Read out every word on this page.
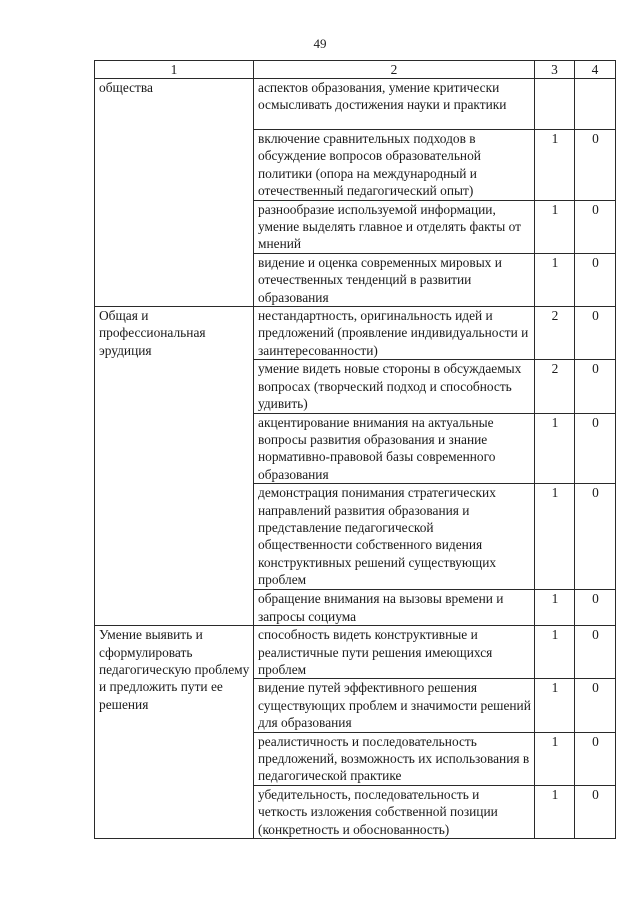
49
1	2	3	4
общества	аспектов образования, умение критически осмысливать достижения науки и практики		
	включение сравнительных подходов в обсуждение вопросов образовательной политики (опора на международный и отечественный педагогический опыт)	1	0
	разнообразие используемой информации, умение выделять главное и отделять факты от мнений	1	0
	видение и оценка современных мировых и отечественных тенденций в развитии образования	1	0
Общая и профессиональная эрудиция	нестандартность, оригинальность идей и предложений (проявление индивидуальности и заинтересованности)	2	0
	умение видеть новые стороны в обсуждаемых вопросах (творческий подход и способность удивить)	2	0
	акцентирование внимания на актуальные вопросы развития образования и знание нормативно-правовой базы современного образования	1	0
	демонстрация понимания стратегических направлений развития образования и представление педагогической общественности собственного видения конструктивных решений существующих проблем	1	0
	обращение внимания на вызовы времени и запросы социума	1	0
Умение выявить и сформулировать педагогическую проблему и предложить пути ее решения	способность видеть конструктивные и реалистичные пути решения имеющихся проблем	1	0
	видение путей эффективного решения существующих проблем и значимости решений для образования	1	0
	реалистичность и последовательность предложений, возможность их использования в педагогической практике	1	0
	убедительность, последовательность и четкость изложения собственной позиции (конкретность и обоснованность)	1	0
